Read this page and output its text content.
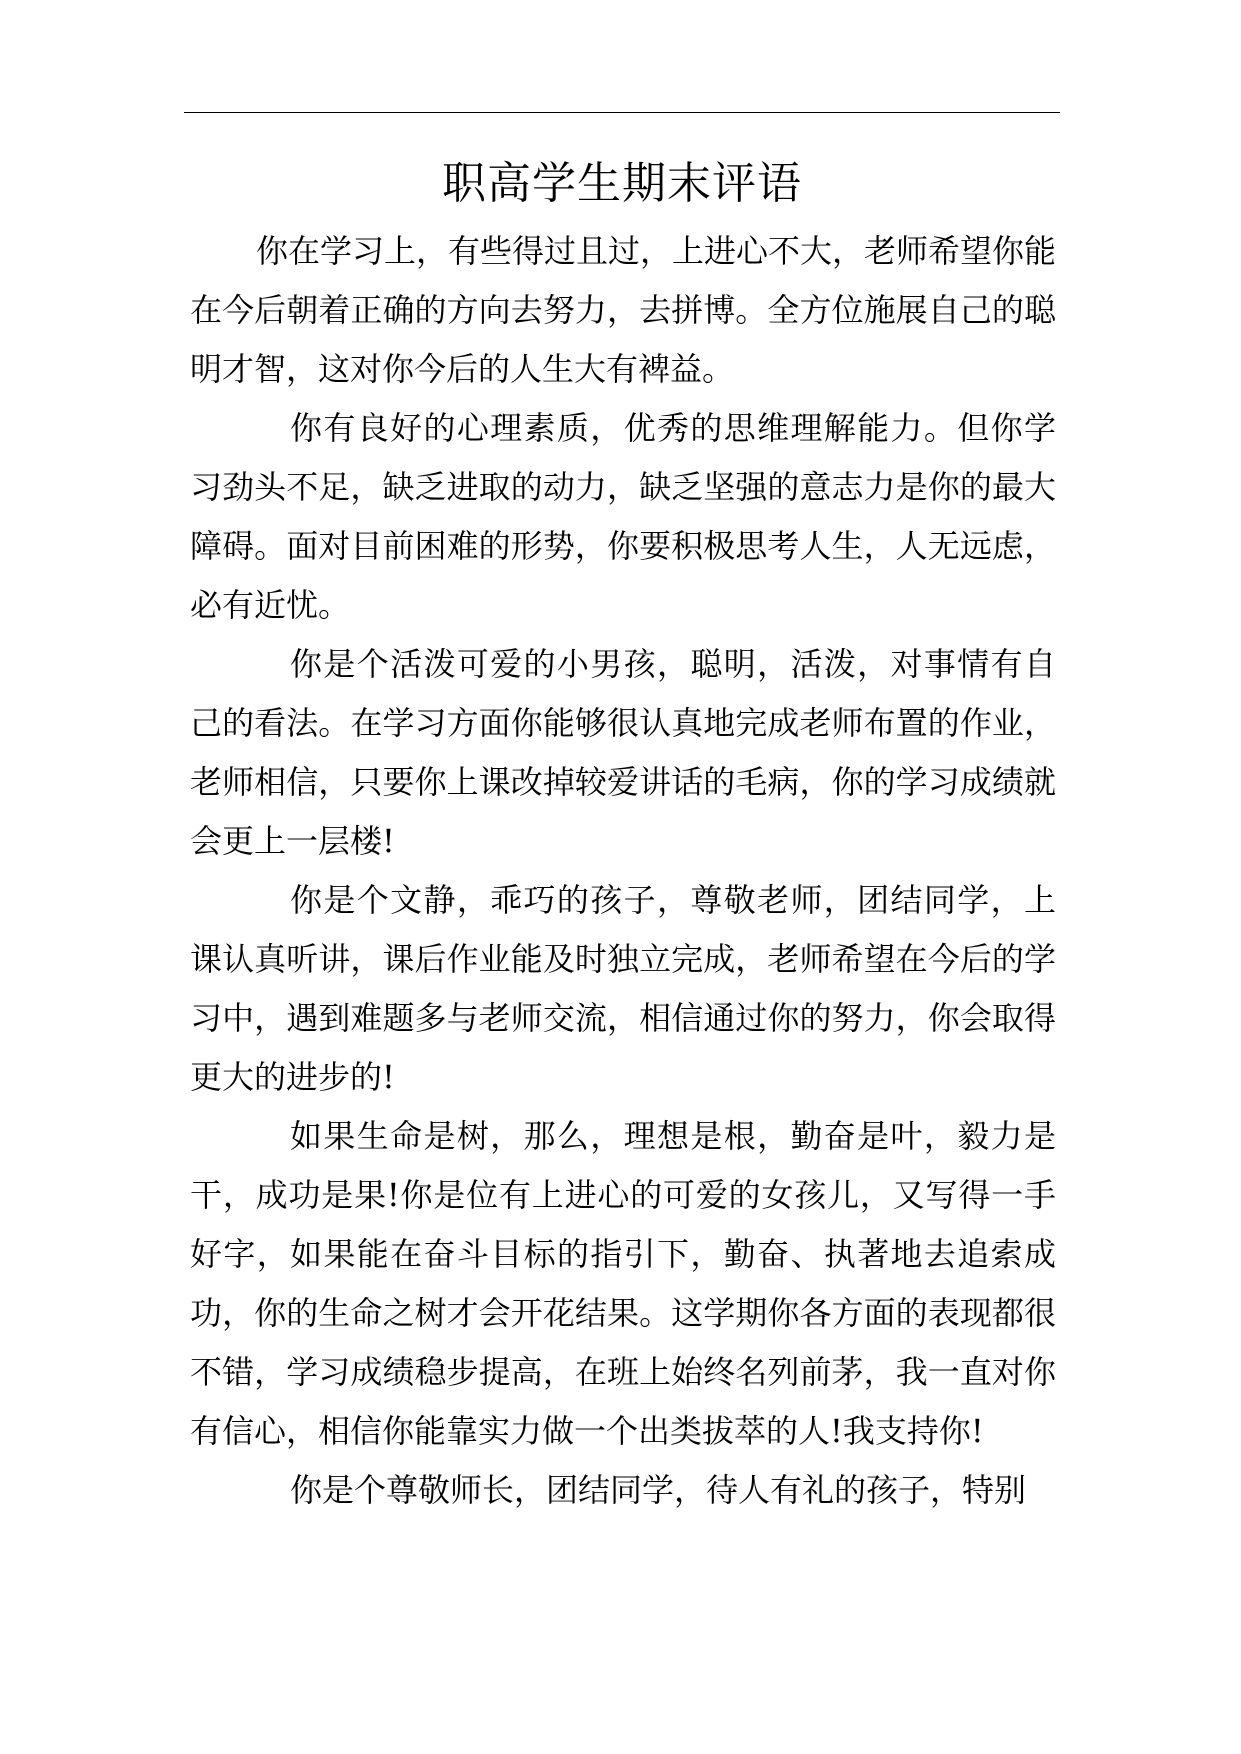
职高学生期末评语

你在学习上，有些得过且过，上进心不大，老师希望你能在今后朝着正确的方向去努力，去拼博。全方位施展自己的聪明才智，这对你今后的人生大有裨益。

你有良好的心理素质，优秀的思维理解能力。但你学习劲头不足，缺乏进取的动力，缺乏坚强的意志力是你的最大障碍。面对目前困难的形势，你要积极思考人生，人无远虑，必有近忧。

你是个活泼可爱的小男孩，聪明，活泼，对事情有自己的看法。在学习方面你能够很认真地完成老师布置的作业，老师相信，只要你上课改掉较爱讲话的毛病，你的学习成绩就会更上一层楼!

你是个文静，乖巧的孩子，尊敬老师，团结同学，上课认真听讲，课后作业能及时独立完成，老师希望在今后的学习中，遇到难题多与老师交流，相信通过你的努力，你会取得更大的进步的!

如果生命是树，那么，理想是根，勤奋是叶，毅力是干，成功是果!你是位有上进心的可爱的女孩儿，又写得一手好字，如果能在奋斗目标的指引下，勤奋、执著地去追索成功，你的生命之树才会开花结果。这学期你各方面的表现都很不错，学习成绩稳步提高，在班上始终名列前茅，我一直对你有信心，相信你能靠实力做一个出类拔萃的人!我支持你!

你是个尊敬师长，团结同学，待人有礼的孩子，特别
